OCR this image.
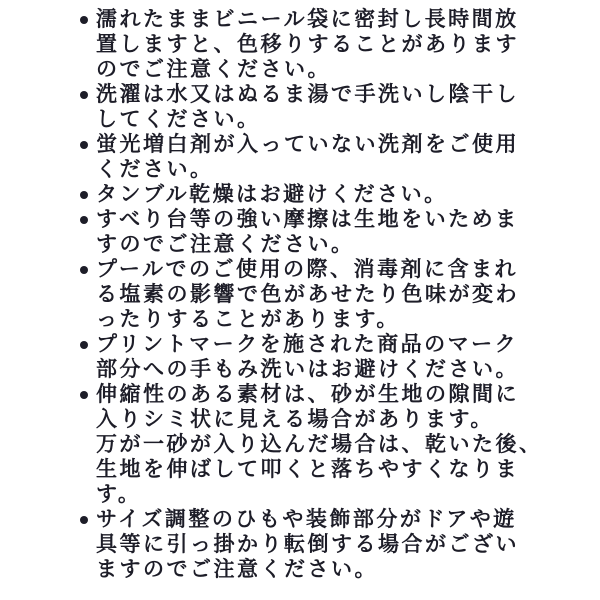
濡れたままビニール袋に密封し長時間放
置しますと、色移りすることがあります
のでご注意ください。
洗濯は水又はぬるま湯で手洗いし陰干し
してください。
蛍光増白剤が入っていない洗剤をご使用
ください。
タンブル乾燥はお避けください。
すべり台等の強い摩擦は生地をいためま
すのでご注意ください。
プールでのご使用の際、消毒剤に含まれ
る塩素の影響で色があせたり色味が変わ
ったりすることがあります。
プリントマークを施された商品のマーク
部分への手もみ洗いはお避けください。
伸縮性のある素材は、砂が生地の隙間に
入りシミ状に見える場合があります。
万が一砂が入り込んだ場合は、乾いた後、
生地を伸ばして叩くと落ちやすくなりま
す。
サイズ調整のひもや装飾部分がドアや遊
具等に引っ掛かり転倒する場合がござい
ますのでご注意ください。
